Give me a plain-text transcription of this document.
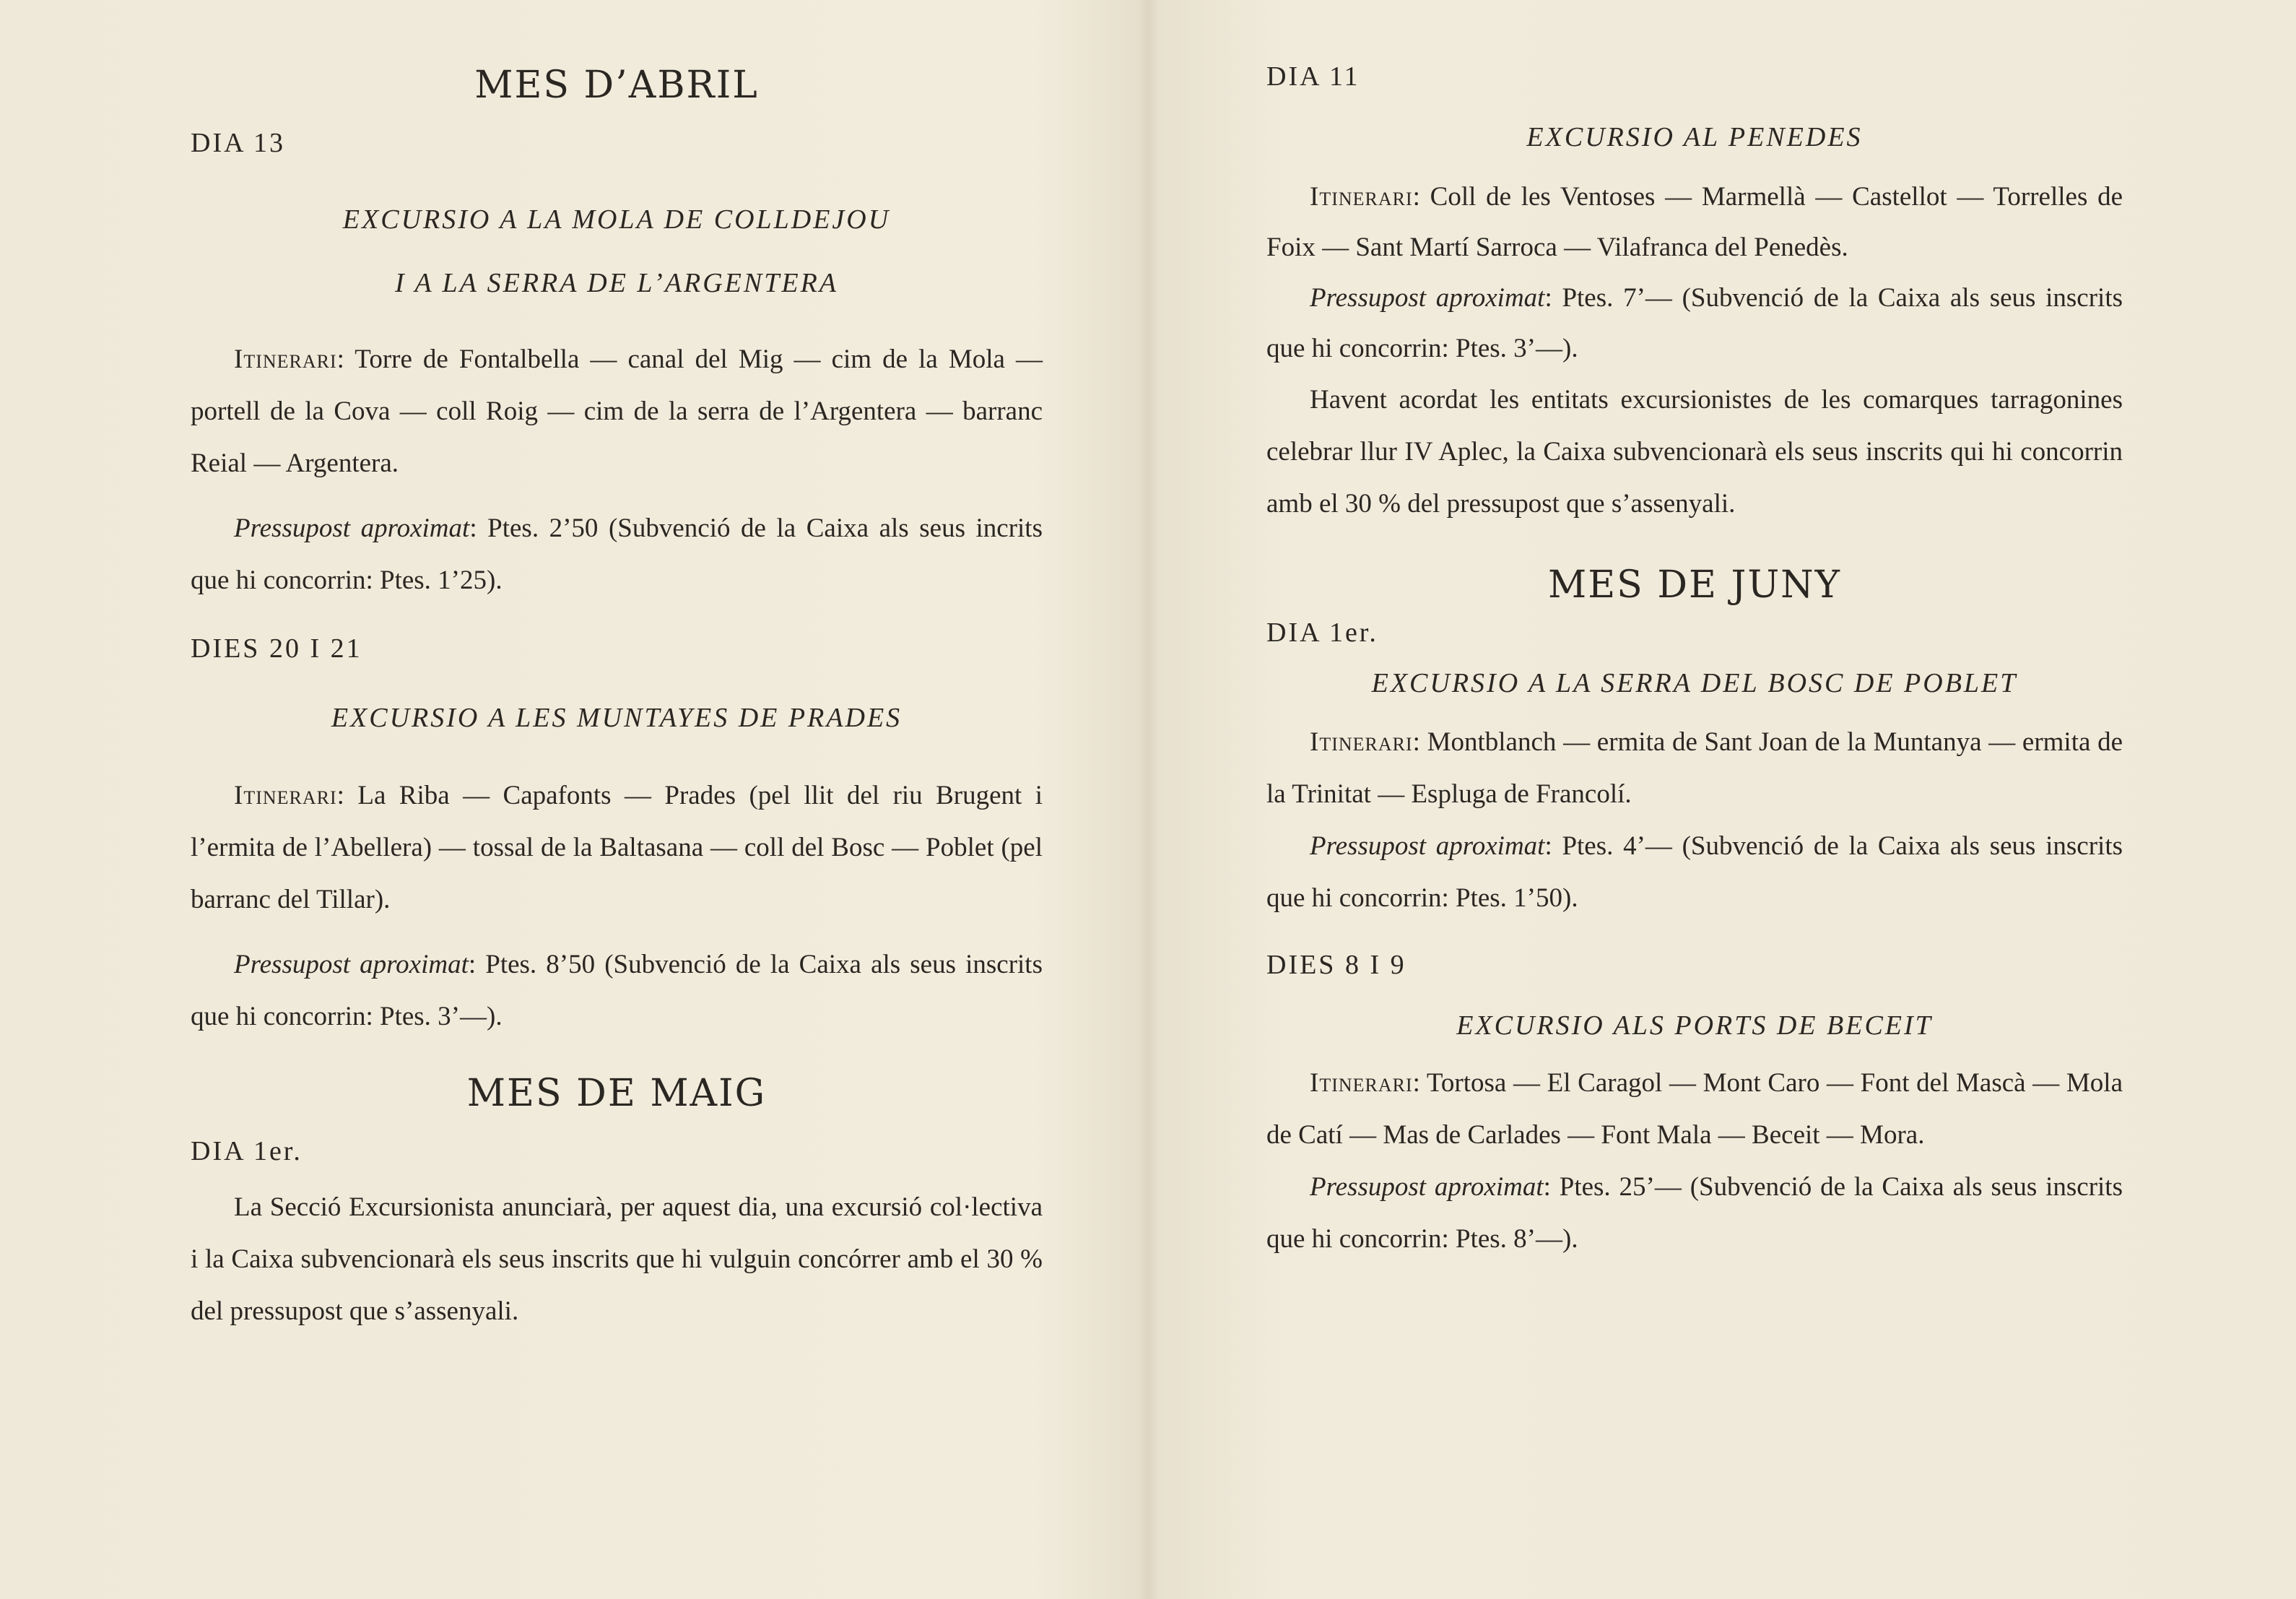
MES D’ABRIL

DIA 13

EXCURSIO A LA MOLA DE COLLDEJOU
I A LA SERRA DE L’ARGENTERA

Itinerari: Torre de Fontalbella — canal del Mig — cim de la Mola — portell de la Cova — coll Roig — cim de la serra de l’Argentera — barranc Reial — Argentera.

Pressupost aproximat: Ptes. 2’50 (Subvenció de la Caixa als seus incrits que hi concorrin: Ptes. 1’25).

DIES 20 I 21

EXCURSIO A LES MUNTAYES DE PRADES

Itinerari: La Riba — Capafonts — Prades (pel llit del riu Brugent i l’ermita de l’Abellera) — tossal de la Baltasana — coll del Bosc — Poblet (pel barranc del Tillar).

Pressupost aproximat: Ptes. 8’50 (Subvenció de la Caixa als seus inscrits que hi concorrin: Ptes. 3’—).

MES DE MAIG

DIA 1er.

La Secció Excursionista anunciarà, per aquest dia, una excursió col·lectiva i la Caixa subvencionarà els seus inscrits que hi vulguin concórrer amb el 30 % del pressupost que s’assenyali.

DIA 11

EXCURSIO AL PENEDES

Itinerari: Coll de les Ventoses — Marmellà — Castellot — Torrelles de Foix — Sant Martí Sarroca — Vilafranca del Penedès.

Pressupost aproximat: Ptes. 7’— (Subvenció de la Caixa als seus inscrits que hi concorrin: Ptes. 3’—).

Havent acordat les entitats excursionistes de les comarques tarragonines celebrar llur IV Aplec, la Caixa subvencionarà els seus inscrits qui hi concorrin amb el 30 % del pressupost que s’assenyali.

MES DE JUNY

DIA 1er.

EXCURSIO A LA SERRA DEL BOSC DE POBLET

Itinerari: Montblanch — ermita de Sant Joan de la Muntanya — ermita de la Trinitat — Espluga de Francolí.

Pressupost aproximat: Ptes. 4’— (Subvenció de la Caixa als seus inscrits que hi concorrin: Ptes. 1’50).

DIES 8 I 9

EXCURSIO ALS PORTS DE BECEIT

Itinerari: Tortosa — El Caragol — Mont Caro — Font del Mascà — Mola de Catí — Mas de Carlades — Font Mala — Beceit — Mora.

Pressupost aproximat: Ptes. 25’— (Subvenció de la Caixa als seus inscrits que hi concorrin: Ptes. 8’—).
